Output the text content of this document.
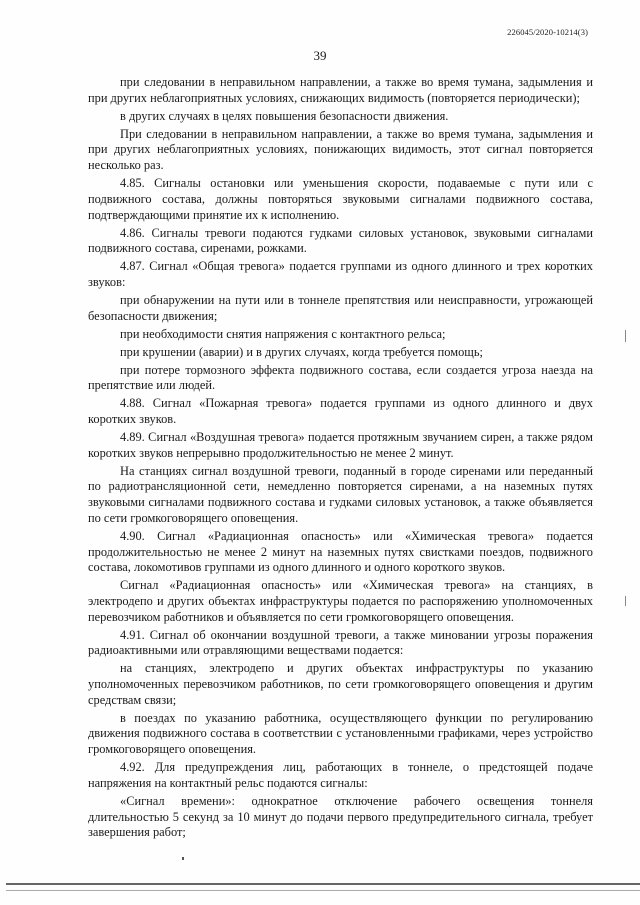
226045/2020-10214(3)
39

при следовании в неправильном направлении, а также во время тумана, задымления и при других неблагоприятных условиях, снижающих видимость (повторяется периодически);

в других случаях в целях повышения безопасности движения.

При следовании в неправильном направлении, а также во время тумана, задымления и при других неблагоприятных условиях, понижающих видимость, этот сигнал повторяется несколько раз.

4.85. Сигналы остановки или уменьшения скорости, подаваемые с пути или с подвижного состава, должны повторяться звуковыми сигналами подвижного состава, подтверждающими принятие их к исполнению.

4.86. Сигналы тревоги подаются гудками силовых установок, звуковыми сигналами подвижного состава, сиренами, рожками.

4.87. Сигнал «Общая тревога» подается группами из одного длинного и трех коротких звуков:

при обнаружении на пути или в тоннеле препятствия или неисправности, угрожающей безопасности движения;

при необходимости снятия напряжения с контактного рельса;

при крушении (аварии) и в других случаях, когда требуется помощь;

при потере тормозного эффекта подвижного состава, если создается угроза наезда на препятствие или людей.

4.88. Сигнал «Пожарная тревога» подается группами из одного длинного и двух коротких звуков.

4.89. Сигнал «Воздушная тревога» подается протяжным звучанием сирен, а также рядом коротких звуков непрерывно продолжительностью не менее 2 минут.

На станциях сигнал воздушной тревоги, поданный в городе сиренами или переданный по радиотрансляционной сети, немедленно повторяется сиренами, а на наземных путях звуковыми сигналами подвижного состава и гудками силовых установок, а также объявляется по сети громкоговорящего оповещения.

4.90. Сигнал «Радиационная опасность» или «Химическая тревога» подается продолжительностью не менее 2 минут на наземных путях свистками поездов, подвижного состава, локомотивов группами из одного длинного и одного короткого звуков.

Сигнал «Радиационная опасность» или «Химическая тревога» на станциях, в электродепо и других объектах инфраструктуры подается по распоряжению уполномоченных перевозчиком работников и объявляется по сети громкоговорящего оповещения.

4.91. Сигнал об окончании воздушной тревоги, а также миновании угрозы поражения радиоактивными или отравляющими веществами подается:

на станциях, электродепо и других объектах инфраструктуры по указанию уполномоченных перевозчиком работников, по сети громкоговорящего оповещения и другим средствам связи;

в поездах по указанию работника, осуществляющего функции по регулированию движения подвижного состава в соответствии с установленными графиками, через устройство громкоговорящего оповещения.

4.92. Для предупреждения лиц, работающих в тоннеле, о предстоящей подаче напряжения на контактный рельс подаются сигналы:

«Сигнал времени»: однократное отключение рабочего освещения тоннеля длительностью 5 секунд за 10 минут до подачи первого предупредительного сигнала, требует завершения работ;
